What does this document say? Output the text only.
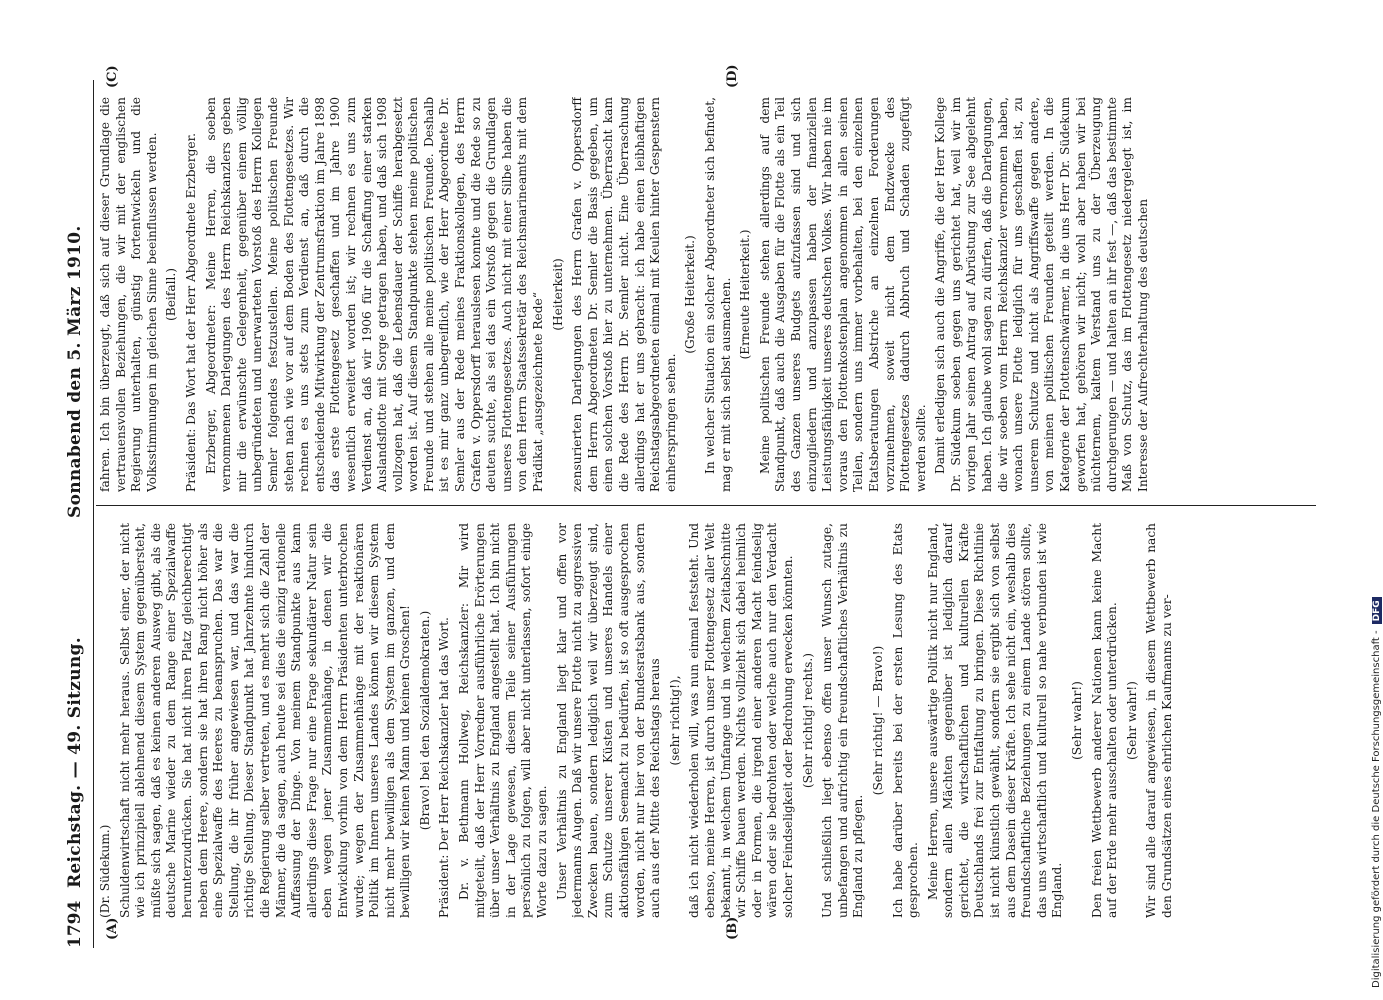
1794
Reichstag. — 49. Sitzung.
Sonnabend den 5. März 1910.
(A)	(B)
(C)	(D)

(Dr. Südekum.) Schuldenwirtschaft nicht mehr heraus. Selbst einer, der nicht wie ich prinzipiell ablehnend diesem System gegenübersteht, müßte sich sagen, daß es keinen anderen Ausweg gibt, als die deutsche Marine wieder zu dem Range einer Spezialwaffe herunterzudrücken. Sie hat nicht ihren Platz gleichberechtigt neben dem Heere, sondern sie hat ihren Rang nicht höher als eine Spezialwaffe des Heeres zu beanspruchen. Das war die Stellung, die ihr früher angewiesen war, und das war die richtige Stellung. Dieser Standpunkt hat Jahrzehnte hindurch die Regierung selber vertreten, und es mehrt sich die Zahl der Männer, die da sagen, auch heute sei dies die einzig rationelle Auffassung der Dinge. Von meinem Standpunkte aus kann allerdings diese Frage nur eine Frage sekundärer Natur sein eben wegen jener Zusammenhänge, in denen wir die Entwicklung vorhin von dem Herrn Präsidenten unterbrochen wurde; wegen der Zusammenhänge mit der reaktionären Politik im Innern unseres Landes können wir diesem System nicht mehr bewilligen als dem System im ganzen, und dem bewilligen wir keinen Mann und keinen Groschen! (Bravo! bei den Sozialdemokraten.) Präsident: Der Herr Reichskanzler hat das Wort. Dr. v. Bethmann Hollweg, Reichskanzler: Mir wird mitgeteilt, daß der Herr Vorredner ausführliche Erörterungen über unser Verhältnis zu England angestellt hat. Ich bin nicht in der Lage gewesen, diesem Teile seiner Ausführungen persönlich zu folgen, will aber nicht unterlassen, sofort einige Worte dazu zu sagen. Unser Verhältnis zu England liegt klar und offen vor jedermanns Augen. Daß wir unsere Flotte nicht zu aggressiven Zwecken bauen, sondern lediglich weil wir überzeugt sind, zum Schutze unserer Küsten und unseres Handels einer aktionsfähigen Seemacht zu bedürfen, ist so oft ausgesprochen worden, nicht nur hier von der Bundesratsbank aus, sondern auch aus der Mitte des Reichstags heraus (sehr richtig!), daß ich nicht wiederholen will, was nun einmal feststeht. Und ebenso, meine Herren, ist durch unser Flottengesetz aller Welt bekannt, in welchem Umfange und in welchem Zeitabschnitte wir Schiffe bauen werden. Nichts vollzieht sich dabei heimlich oder in Formen, die irgend einer anderen Macht feindselig wären oder sie bedrohten oder welche auch nur den Verdacht solcher Feindseligkeit oder Bedrohung erwecken könnten. (Sehr richtig! rechts.) Und schließlich liegt ebenso offen unser Wunsch zutage, unbefangen und aufrichtig ein freundschaftliches Verhältnis zu England zu pflegen.

(Sehr richtig! — Bravo!) Ich habe darüber bereits bei der ersten Lesung des Etats gesprochen. Meine Herren, unsere auswärtige Politik nicht nur England, sondern allen Mächten gegenüber ist lediglich darauf gerichtet, die wirtschaftlichen und kulturellen Kräfte Deutschlands frei zur Entfaltung zu bringen. Diese Richtlinie ist nicht künstlich gewählt, sondern sie ergibt sich von selbst aus dem Dasein dieser Kräfte. Ich sehe nicht ein, weshalb dies freundschaftliche Beziehungen zu einem Lande stören sollte, das uns wirtschaftlich und kulturell so nahe verbunden ist wie England.

(Sehr wahr!) Den freien Wettbewerb anderer Nationen kann keine Macht auf der Erde mehr ausschalten oder unterdrücken. (Sehr wahr!) Wir sind alle darauf angewiesen, in diesem Wettbewerb nach den Grundsätzen eines ehrlichen Kaufmanns zu ver-

fahren. Ich bin überzeugt, daß sich auf dieser Grundlage die vertrauensvollen Beziehungen, die wir mit der englischen Regierung unterhalten, günstig fortentwickeln und die Volksstimmungen im gleichen Sinne beeinflussen werden. (Beifall.) Präsident: Das Wort hat der Herr Abgeordnete Erzberger. Erzberger, Abgeordneter: Meine Herren, die soeben vernommenen Darlegungen des Herrn Reichskanzlers geben mir die erwünschte Gelegenheit, gegenüber einem völlig unbegründeten und unerwarteten Vorstoß des Herrn Kollegen Semler folgendes festzustellen. Meine politischen Freunde stehen nach wie vor auf dem Boden des Flottengesetzes. Wir rechnen es uns stets zum Verdienst an, daß durch die entscheidende Mitwirkung der Zentrumsfraktion im Jahre 1898 das erste Flottengesetz geschaffen und im Jahre 1900 wesentlich erweitert worden ist; wir rechnen es uns zum Verdienst an, daß wir 1906 für die Schaffung einer starken Auslandsflotte mit Sorge getragen haben, und daß sich 1908 vollzogen hat, daß die Lebensdauer der Schiffe herabgesetzt worden ist. Auf diesem Standpunkte stehen meine politischen Freunde und stehen alle meine politischen Freunde. Deshalb ist es mir ganz unbegreiflich, wie der Herr Abgeordnete Dr. Semler aus der Rede meines Fraktionskollegen, des Herrn Grafen v. Oppersdorff herauslesen konnte und die Rede so zu deuten suchte, als sei das ein Vorstoß gegen die Grundlagen unseres Flottengesetzes. Auch nicht mit einer Silbe haben die von dem Herrn Staatssekretär des Reichsmarineamts mit dem Prädikat „ausgezeichnete Rede“ (Heiterkeit) zensurierten Darlegungen des Herrn Grafen v. Oppersdorff dem Herrn Abgeordneten Dr. Semler die Basis gegeben, um einen solchen Vorstoß hier zu unternehmen. Überrascht kam die Rede des Herrn Dr. Semler nicht. Eine Überraschung allerdings hat er uns gebracht: ich habe einen leibhaftigen Reichstagsabgeordneten einmal mit Keulen hinter Gespenstern einherspringen sehen.

(Große Heiterkeit.) In welcher Situation ein solcher Abgeordneter sich befindet, mag er mit sich selbst ausmachen. (Erneute Heiterkeit.) Meine politischen Freunde stehen allerdings auf dem Standpunkt, daß auch die Ausgaben für die Flotte als ein Teil des Ganzen unseres Budgets aufzufassen sind und sich einzugliedern und anzupassen haben der finanziellen Leistungsfähigkeit unseres deutschen Volkes. Wir haben nie im voraus den Flottenkostenplan angenommen in allen seinen Teilen, sondern uns immer vorbehalten, bei den einzelnen Etatsberatungen Abstriche an einzelnen Forderungen vorzunehmen, soweit nicht dem Endzwecke des Flottengesetzes dadurch Abbruch und Schaden zugefügt werden sollte. Damit erledigen sich auch die Angriffe, die der Herr Kollege Dr. Südekum soeben gegen uns gerichtet hat, weil wir im vorigen Jahr seinen Antrag auf Abrüstung zur See abgelehnt haben. Ich glaube wohl sagen zu dürfen, daß die Darlegungen, die wir soeben vom Herrn Reichskanzler vernommen haben, wonach unsere Flotte lediglich für uns geschaffen ist, zu unserem Schutze und nicht als Angriffswaffe gegen andere, von meinen politischen Freunden geteilt werden. In die Kategorie der Flottenschwärmer, in die uns Herr Dr. Südekum geworfen hat, gehören wir nicht; wohl aber haben wir bei nüchternem, kaltem Verstand uns zu der Überzeugung durchgerungen — und halten an ihr fest —, daß das bestimmte Maß von Schutz, das im Flottengesetz niedergelegt ist, im Interesse der Aufrechterhaltung des deutschen

Digitalisierung gefördert durch die Deutsche Forschungsgemeinschaft -DFG
